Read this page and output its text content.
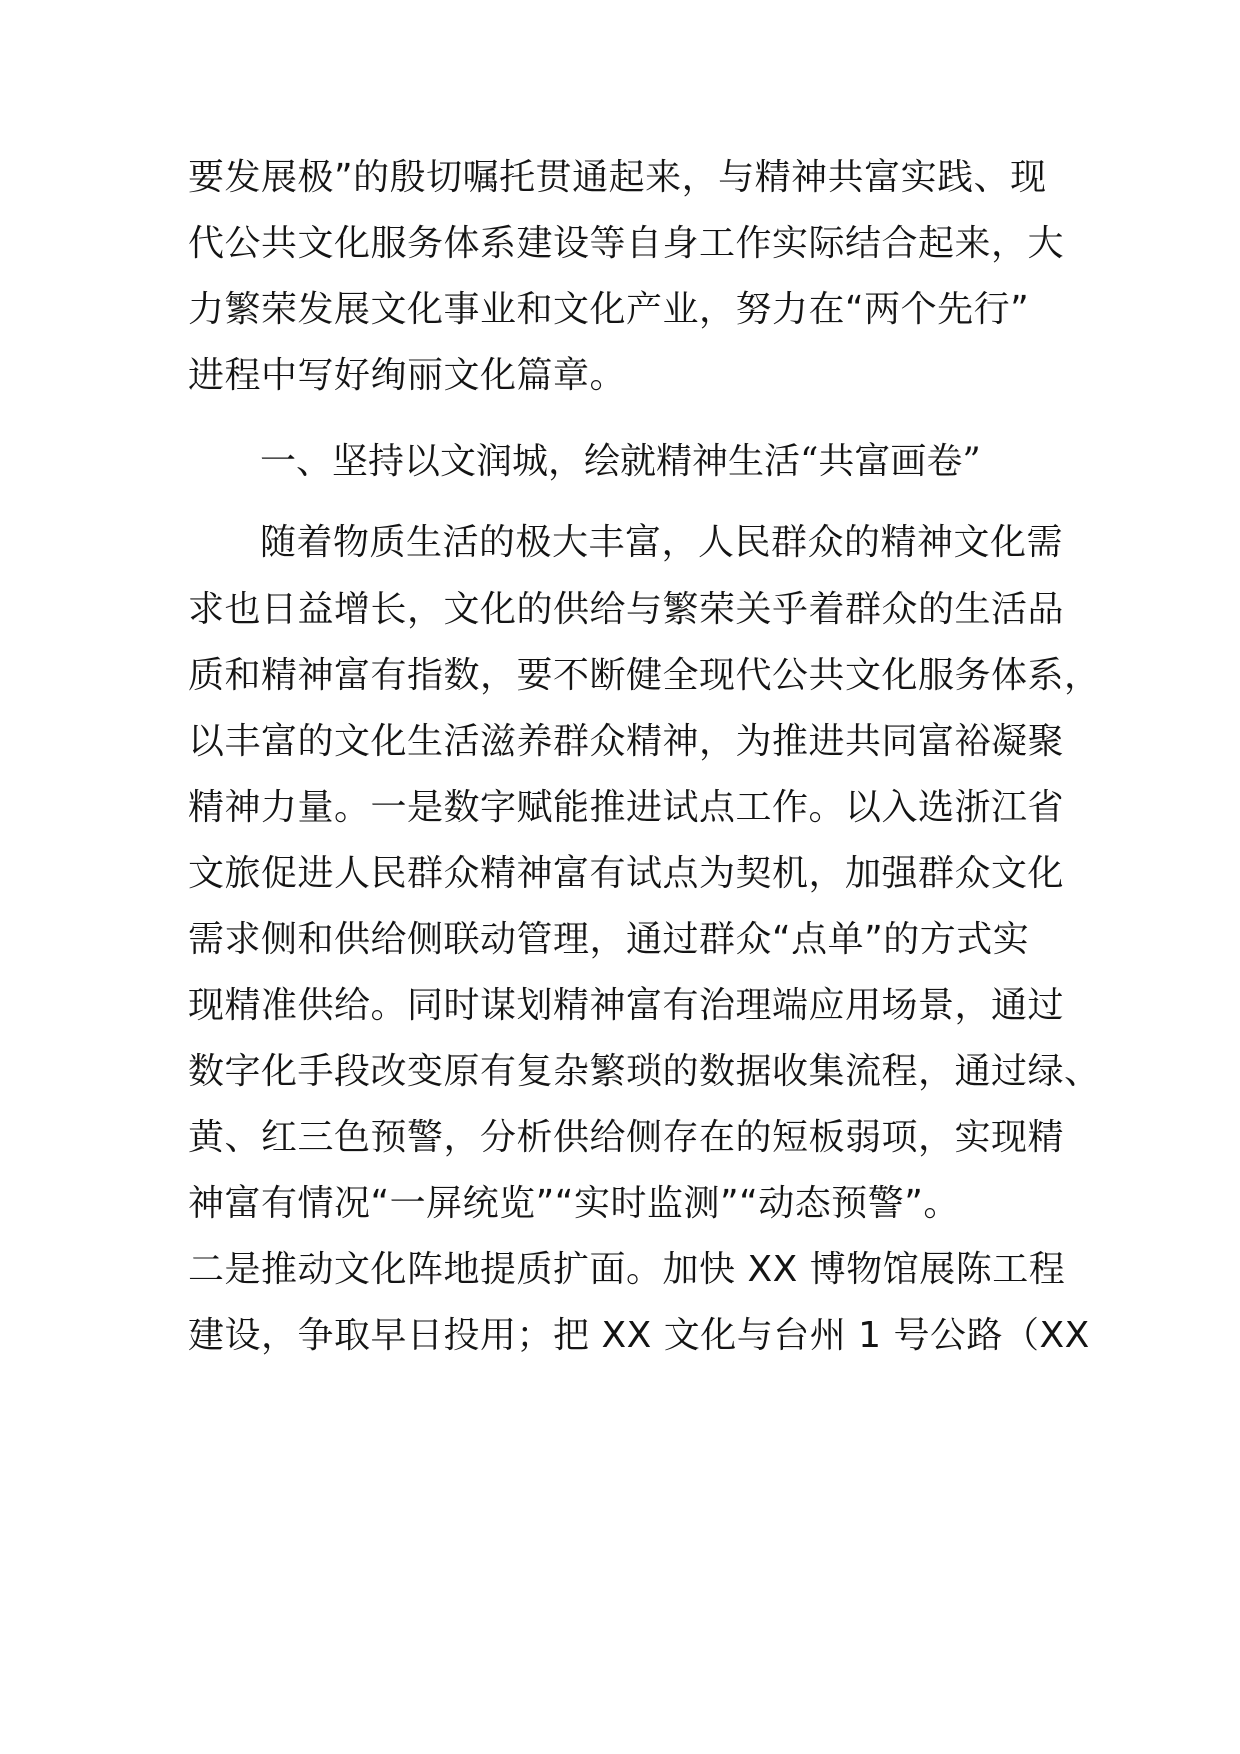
要发展极”的殷切嘱托贯通起来，与精神共富实践、现
代公共文化服务体系建设等自身工作实际结合起来，大
力繁荣发展文化事业和文化产业，努力在“两个先行”
进程中写好绚丽文化篇章。
一、坚持以文润城，绘就精神生活“共富画卷”
随着物质生活的极大丰富，人民群众的精神文化需
求也日益增长，文化的供给与繁荣关乎着群众的生活品
质和精神富有指数，要不断健全现代公共文化服务体系，
以丰富的文化生活滋养群众精神，为推进共同富裕凝聚
精神力量。一是数字赋能推进试点工作。以入选浙江省
文旅促进人民群众精神富有试点为契机，加强群众文化
需求侧和供给侧联动管理，通过群众“点单”的方式实
现精准供给。同时谋划精神富有治理端应用场景，通过
数字化手段改变原有复杂繁琐的数据收集流程，通过绿、
黄、红三色预警，分析供给侧存在的短板弱项，实现精
神富有情况“一屏统览”“实时监测”“动态预警”。
二是推动文化阵地提质扩面。加快 XX 博物馆展陈工程
建设，争取早日投用；把 XX 文化与台州 1 号公路（XX
